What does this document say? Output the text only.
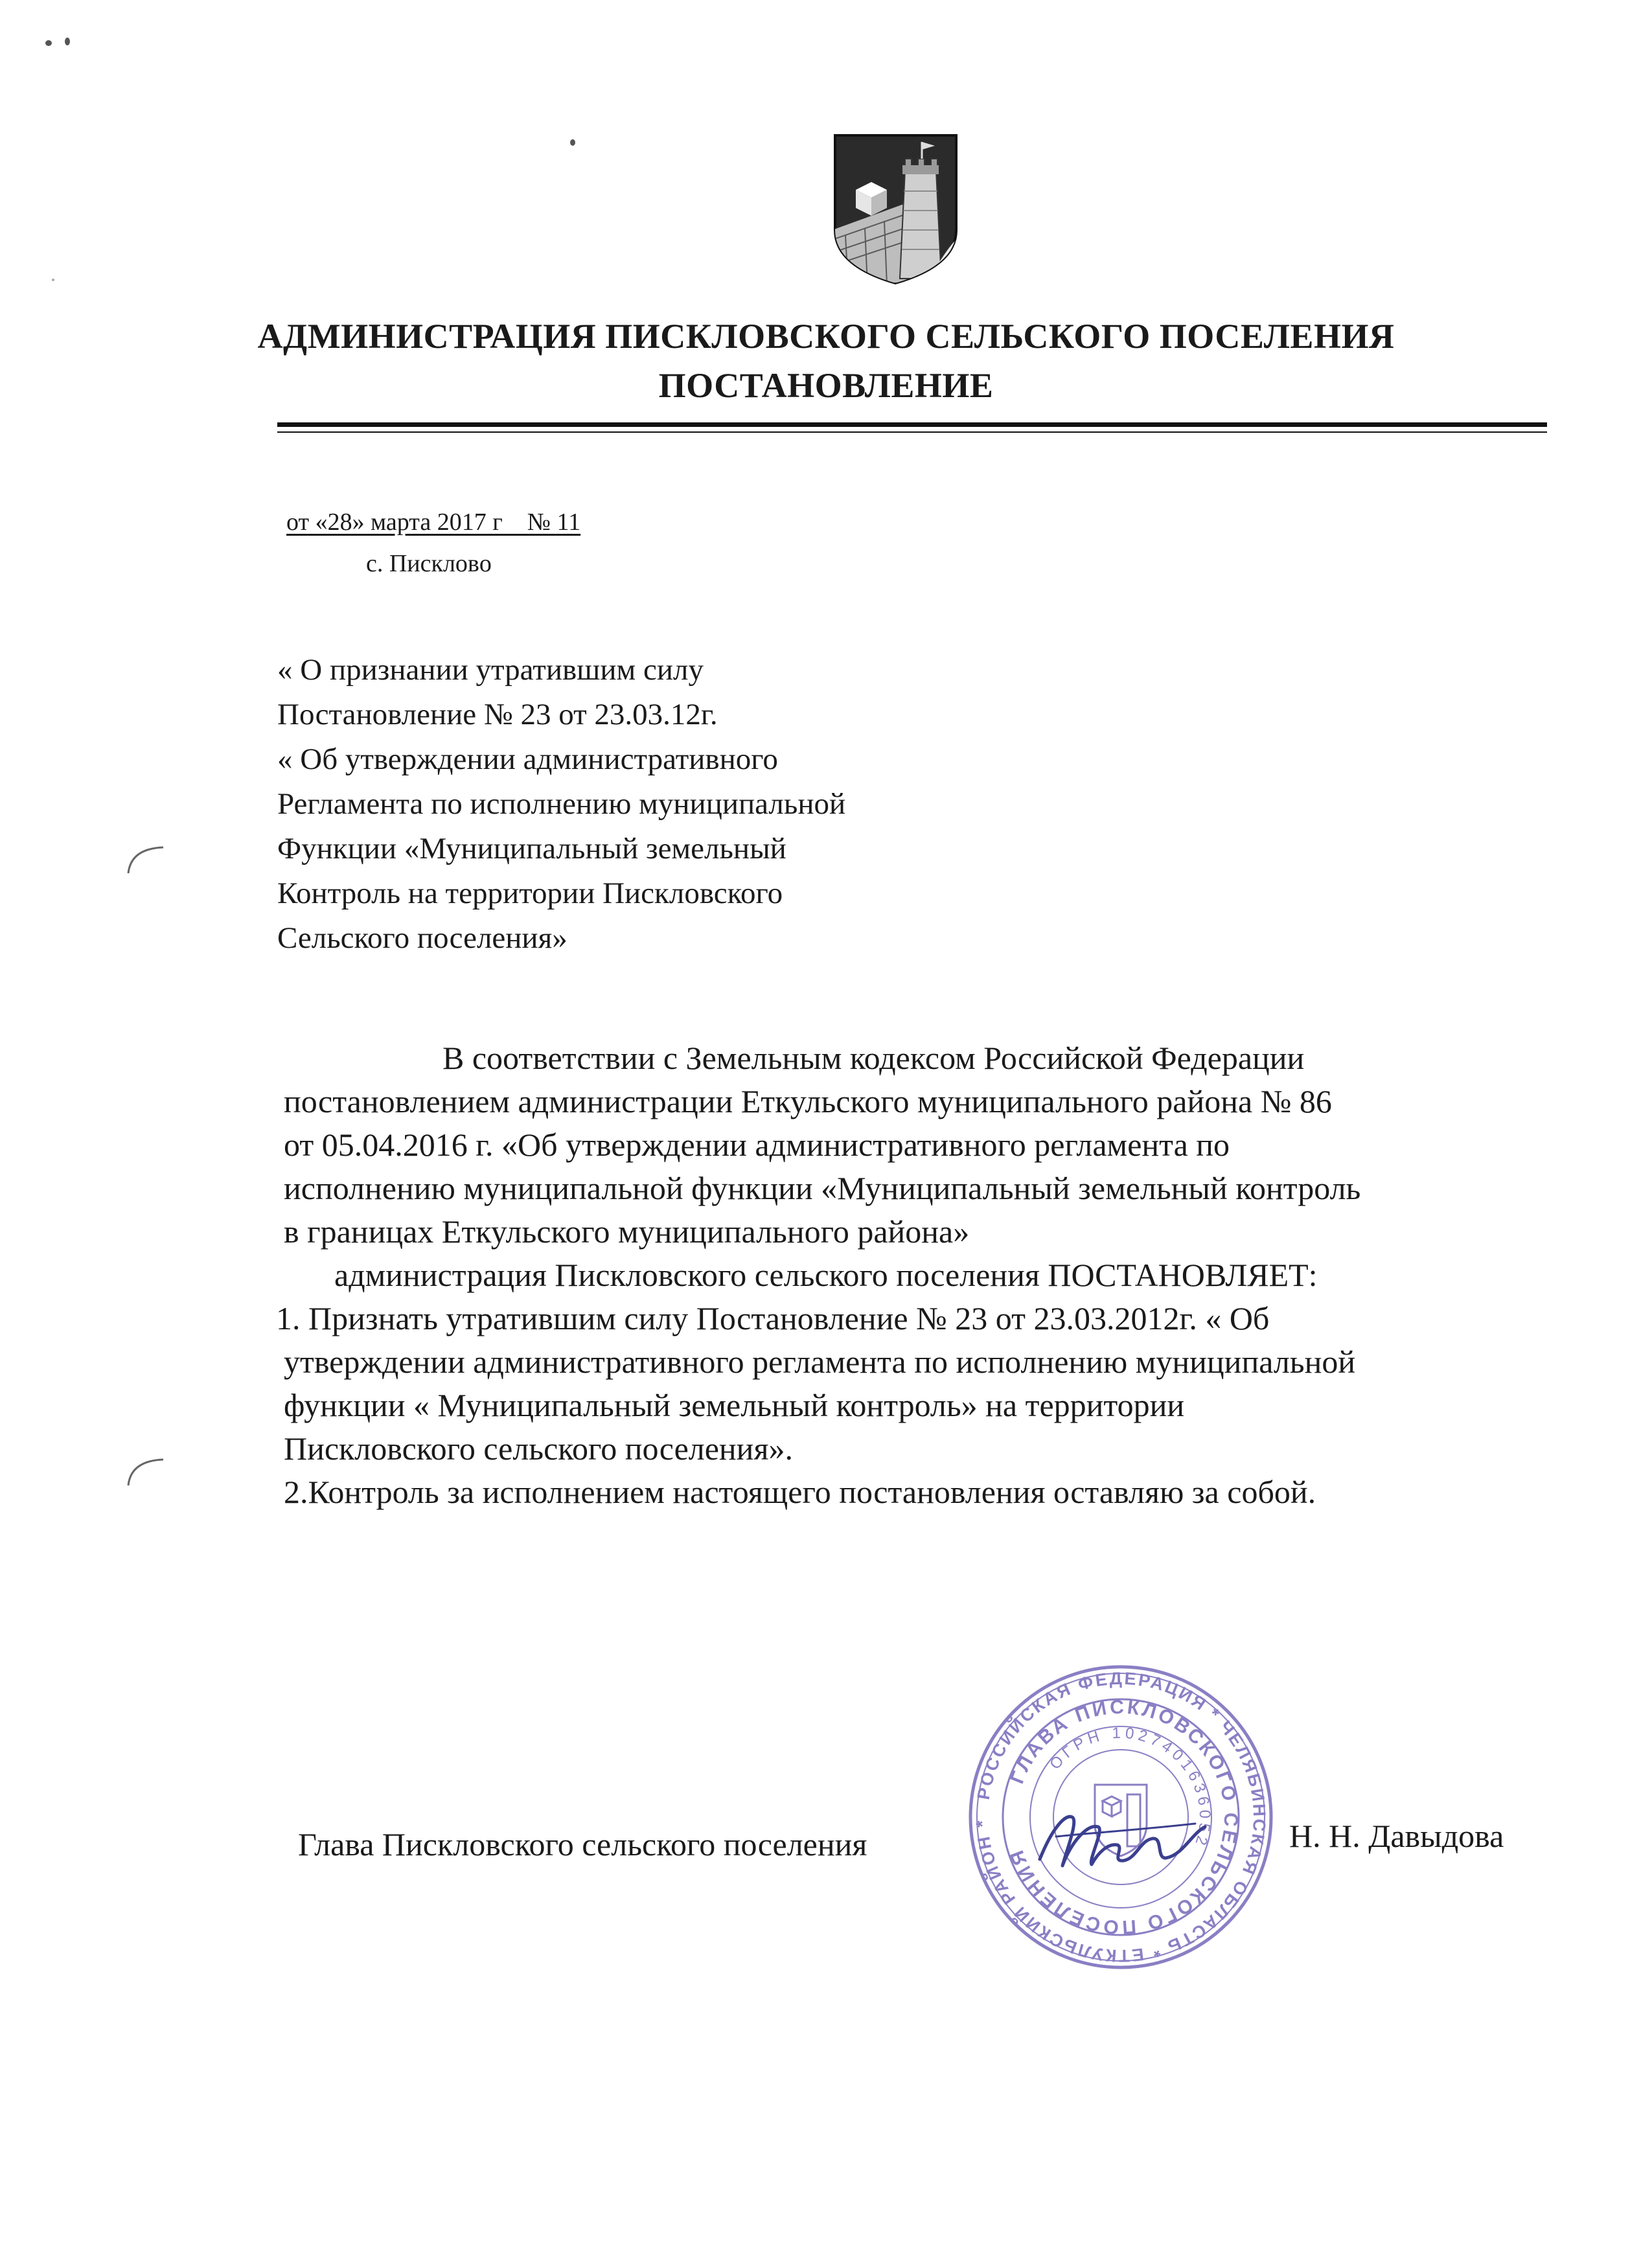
АДМИНИСТРАЦИЯ ПИСКЛОВСКОГО СЕЛЬСКОГО ПОСЕЛЕНИЯ
ПОСТАНОВЛЕНИЕ
от «28» марта 2017 г    № 11
с. Пискловo
« О признании утратившим силу
Постановление № 23 от 23.03.12г.
« Об утверждении административного
Регламента по исполнению муниципальной
Функции «Муниципальный земельный
Контроль на территории Пискловского
Сельского поселения»
В соответствии с Земельным кодексом Российской Федерации
постановлением администрации Еткульского муниципального района № 86
от 05.04.2016 г. «Об утверждении административного регламента по
исполнению муниципальной функции «Муниципальный земельный контроль
в границах Еткульского муниципального района»
администрация Пискловского сельского поселения ПОСТАНОВЛЯЕТ:
1. Признать утратившим силу Постановление № 23 от 23.03.2012г. « Об
утверждении административного регламента по исполнению муниципальной
функции « Муниципальный земельный контроль» на территории
Пискловского сельского поселения».
2.Контроль за исполнением настоящего постановления оставляю за собой.
Глава Пискловского сельского поселения	Н. Н. Давыдова
РОССИЙСКАЯ ФЕДЕРАЦИЯ * ЧЕЛЯБИНСКАЯ ОБЛАСТЬ * ЕТКУЛЬСКИЙ РАЙОН *
ГЛАВА ПИСКЛОВСКОГО СЕЛЬСКОГО ПОСЕЛЕНИЯ
ОГРН 1027401636052
